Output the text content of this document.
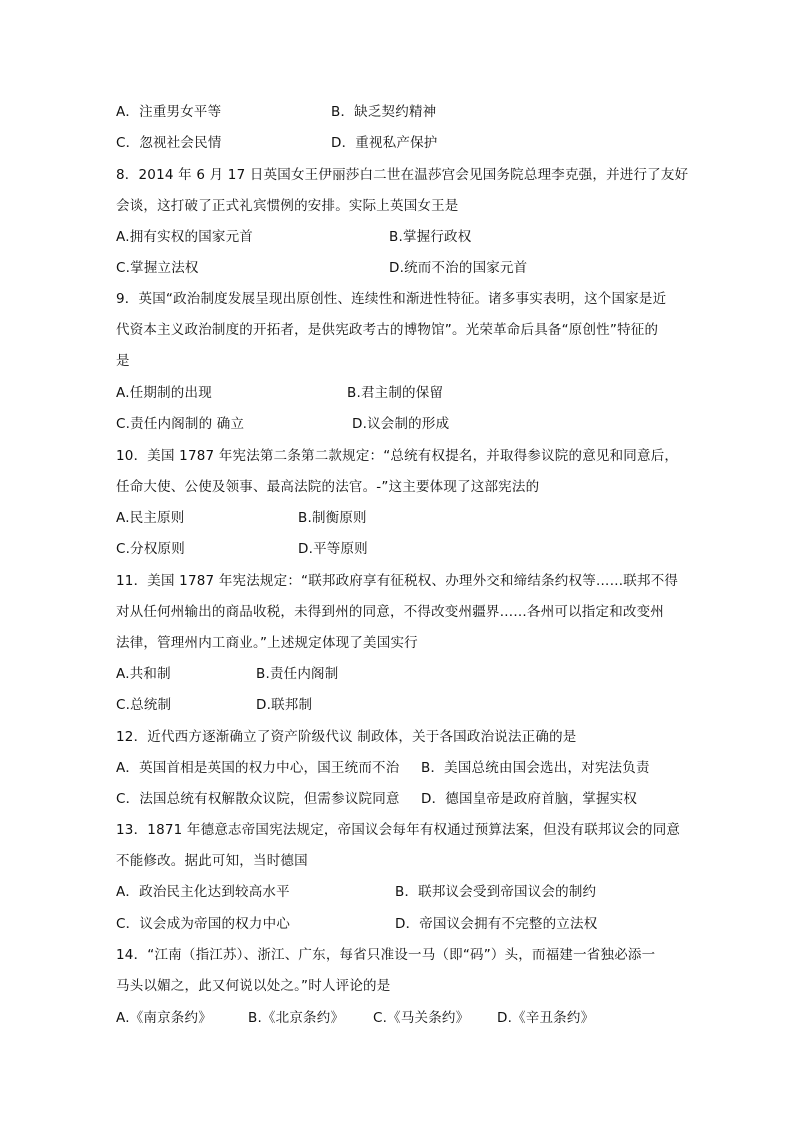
A．注重男女平等	B．缺乏契约精神
C．忽视社会民情	D．重视私产保护
8．2014 年 6 月 17 日英国女王伊丽莎白二世在温莎宫会见国务院总理李克强，并进行了友好
会谈，这打破了正式礼宾惯例的安排。实际上英国女王是
A.拥有实权的国家元首	B.掌握行政权
C.掌握立法权	D.统而不治的国家元首
9．英国“政治制度发展呈现出原创性、连续性和渐进性特征。诸多事实表明，这个国家是近
代资本主义政治制度的开拓者，是供宪政考古的博物馆”。光荣革命后具备“原创性”特征的
是
A.任期制的出现	B.君主制的保留
C.责任内阁制的 确立	D.议会制的形成
10．美国 1787 年宪法第二条第二款规定：“总统有权提名，并取得参议院的意见和同意后，
任命大使、公使及领事、最高法院的法官。-”这主要体现了这部宪法的
A.民主原则	B.制衡原则
C.分权原则	D.平等原则
11．美国 1787 年宪法规定：“联邦政府享有征税权、办理外交和缔结条约权等……联邦不得
对从任何州输出的商品收税，未得到州的同意，不得改变州疆界……各州可以指定和改变州
法律，管理州内工商业。”上述规定体现了美国实行
A.共和制	B.责任内阁制
C.总统制	D.联邦制
12．近代西方逐渐确立了资产阶级代议 制政体，关于各国政治说法正确的是
A．英国首相是英国的权力中心，国王统而不治 B．美国总统由国会选出，对宪法负责
C．法国总统有权解散众议院，但需参议院同意 D．德国皇帝是政府首脑，掌握实权
13．1871 年德意志帝国宪法规定，帝国议会每年有权通过预算法案，但没有联邦议会的同意
不能修改。据此可知，当时德国
A．政治民主化达到较高水平	B．联邦议会受到帝国议会的制约
C．议会成为帝国的权力中心	D．帝国议会拥有不完整的立法权
14．“江南（指江苏）、浙江、广东，每省只准设一马（即“码”）头，而福建一省独必添一
马头以媚之，此又何说以处之。”时人评论的是
A.《南京条约》	B.《北京条约》 C.《马关条约》 D.《辛丑条约》
